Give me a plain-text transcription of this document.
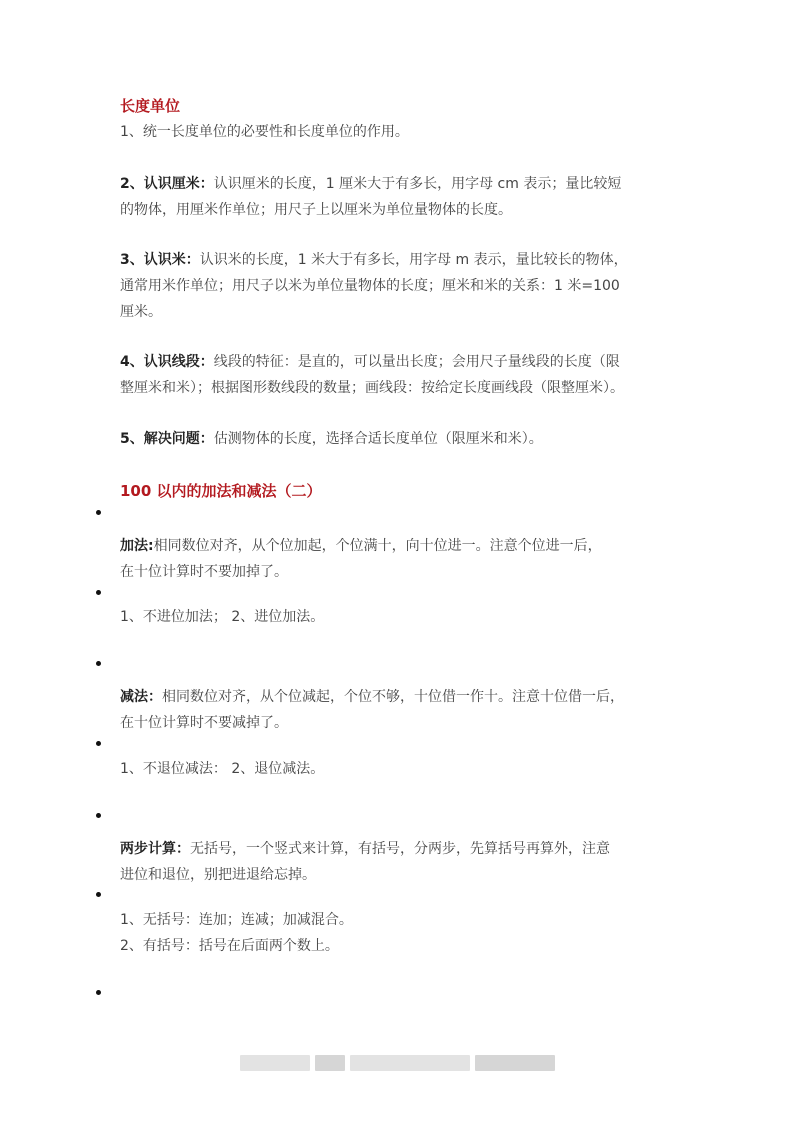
长度单位
1、统一长度单位的必要性和长度单位的作用。
2、认识厘米：认识厘米的长度，1 厘米大于有多长，用字母 cm 表示；量比较短
的物体，用厘米作单位；用尺子上以厘米为单位量物体的长度。
3、认识米：认识米的长度，1 米大于有多长，用字母 m 表示，量比较长的物体，
通常用米作单位；用尺子以米为单位量物体的长度；厘米和米的关系：1 米=100
厘米。
4、认识线段：线段的特征：是直的，可以量出长度；会用尺子量线段的长度（限
整厘米和米）；根据图形数线段的数量；画线段：按给定长度画线段（限整厘米）。
5、解决问题：估测物体的长度，选择合适长度单位（限厘米和米）。
100 以内的加法和减法（二）
加法:相同数位对齐，从个位加起，个位满十，向十位进一。注意个位进一后，
在十位计算时不要加掉了。
1、不进位加法； 2、进位加法。
减法：相同数位对齐，从个位减起，个位不够，十位借一作十。注意十位借一后，
在十位计算时不要减掉了。
1、不退位减法： 2、退位减法。
两步计算：无括号，一个竖式来计算，有括号，分两步，先算括号再算外，注意
进位和退位，别把进退给忘掉。
1、无括号：连加；连减；加减混合。
2、有括号：括号在后面两个数上。
